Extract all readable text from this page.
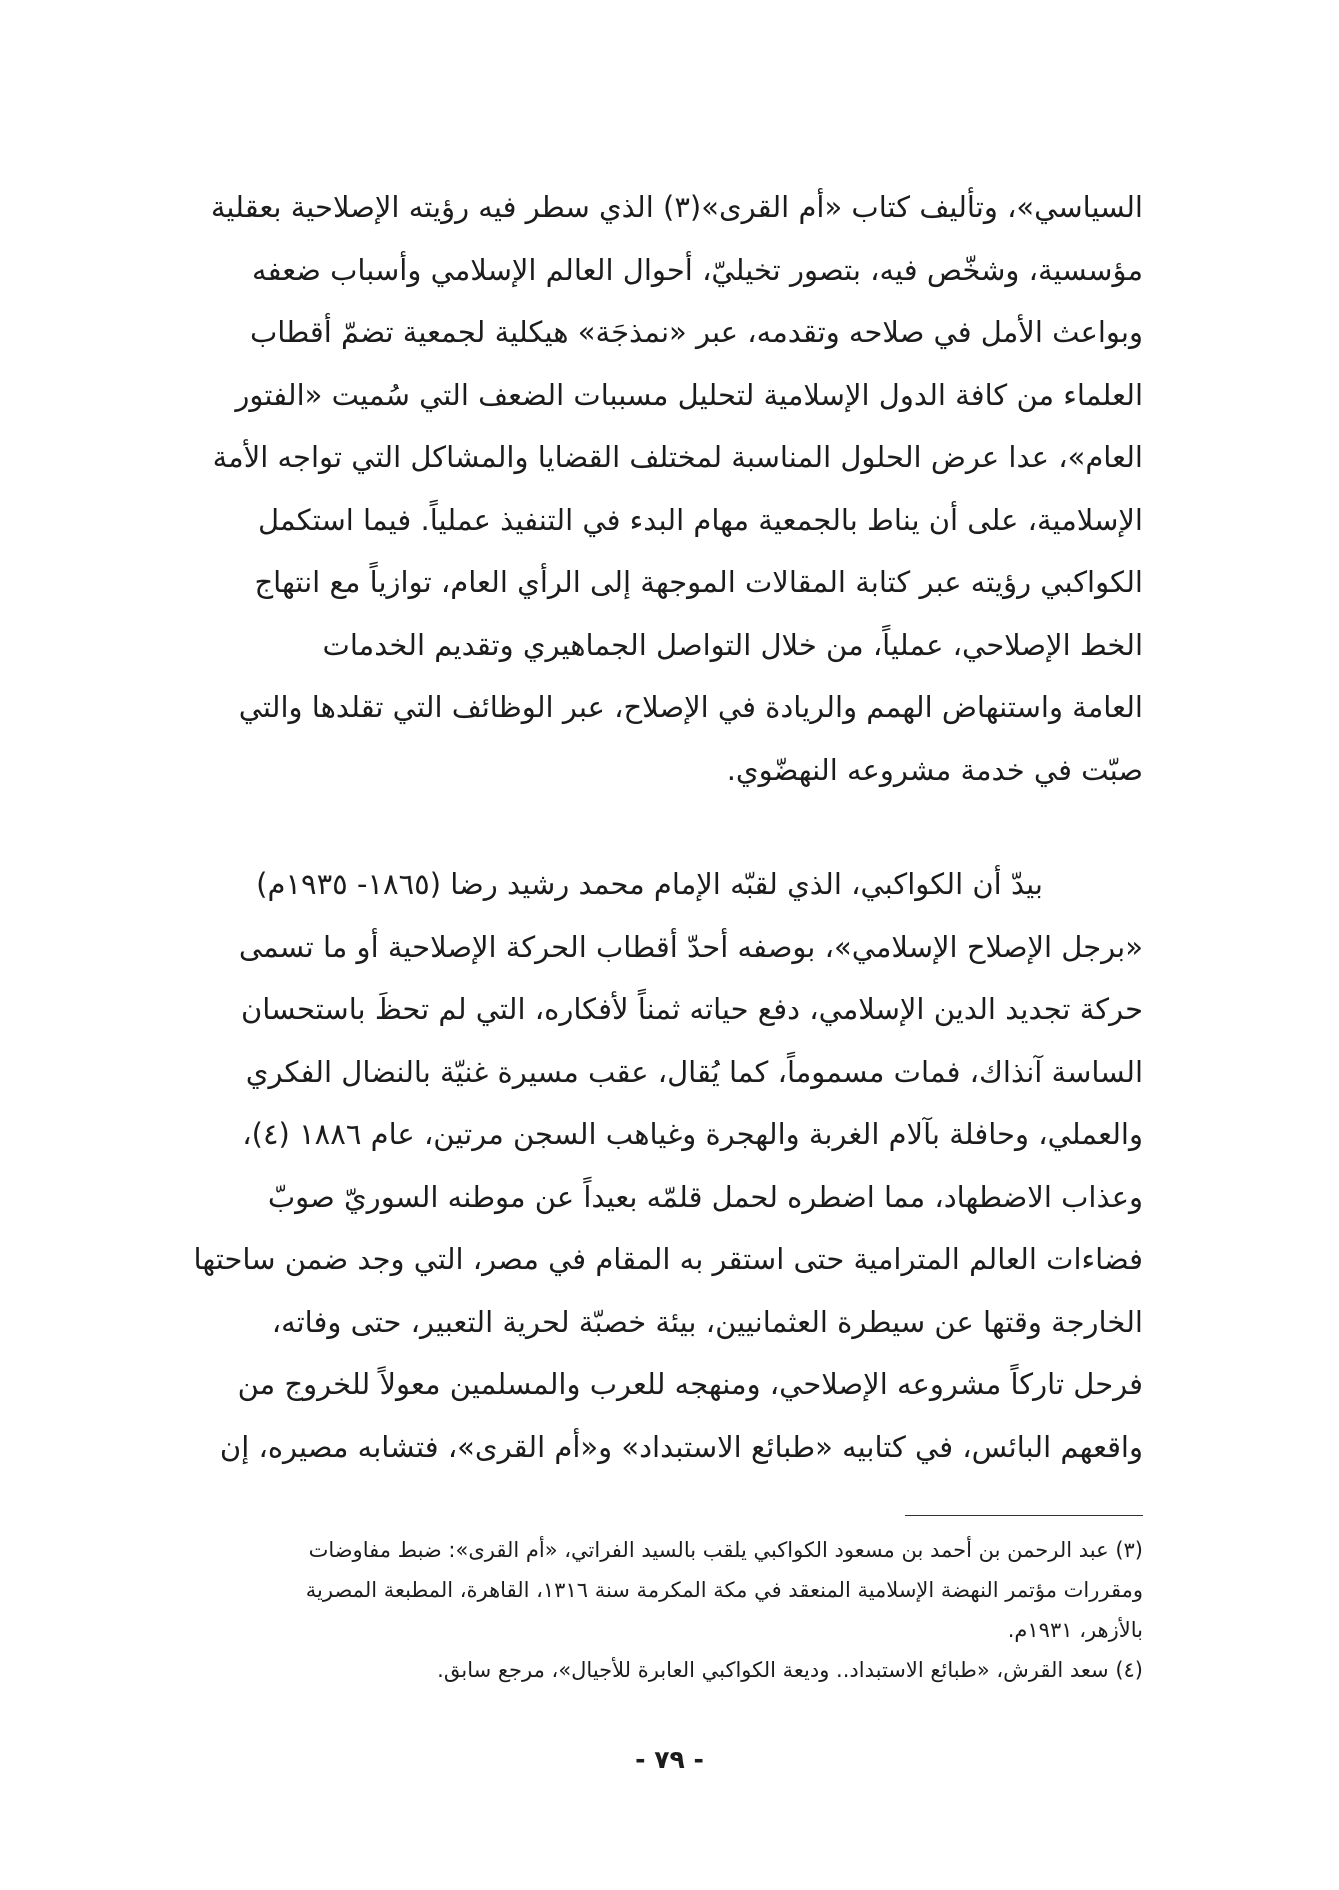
السياسي»، وتأليف كتاب «أم القرى»(٣) الذي سطر فيه رؤيته الإصلاحية بعقلية
مؤسسية، وشخّص فيه، بتصور تخيليّ، أحوال العالم الإسلامي وأسباب ضعفه
وبواعث الأمل في صلاحه وتقدمه، عبر «نمذجَة» هيكلية لجمعية تضمّ أقطاب
العلماء من كافة الدول الإسلامية لتحليل مسببات الضعف التي سُميت «الفتور
العام»، عدا عرض الحلول المناسبة لمختلف القضايا والمشاكل التي تواجه الأمة
الإسلامية، على أن يناط بالجمعية مهام البدء في التنفيذ عملياً. فيما استكمل
الكواكبي رؤيته عبر كتابة المقالات الموجهة إلى الرأي العام، توازياً مع انتهاج
الخط الإصلاحي، عملياً، من خلال التواصل الجماهيري وتقديم الخدمات
العامة واستنهاض الهمم والريادة في الإصلاح، عبر الوظائف التي تقلدها والتي
صبّت في خدمة مشروعه النهضّوي.

بيدّ أن الكواكبي، الذي لقبّه الإمام محمد رشيد رضا (١٨٦٥- ١٩٣٥م)
«برجل الإصلاح الإسلامي»، بوصفه أحدّ أقطاب الحركة الإصلاحية أو ما تسمى
حركة تجديد الدين الإسلامي، دفع حياته ثمناً لأفكاره، التي لم تحظَ باستحسان
الساسة آنذاك، فمات مسموماً، كما يُقال، عقب مسيرة غنيّة بالنضال الفكري
والعملي، وحافلة بآلام الغربة والهجرة وغياهب السجن مرتين، عام ١٨٨٦ (٤)،
وعذاب الاضطهاد، مما اضطره لحمل قلمّه بعيداً عن موطنه السوريّ صوبّ
فضاءات العالم المترامية حتى استقر به المقام في مصر، التي وجد ضمن ساحتها
الخارجة وقتها عن سيطرة العثمانيين، بيئة خصبّة لحرية التعبير، حتى وفاته،
فرحل تاركاً مشروعه الإصلاحي، ومنهجه للعرب والمسلمين معولاً للخروج من
واقعهم البائس، في كتابيه «طبائع الاستبداد» و«أم القرى»، فتشابه مصيره، إن

(٣) عبد الرحمن بن أحمد بن مسعود الكواكبي يلقب بالسيد الفراتي، «أم القرى»: ضبط مفاوضات
ومقررات مؤتمر النهضة الإسلامية المنعقد في مكة المكرمة سنة ١٣١٦، القاهرة، المطبعة المصرية
بالأزهر، ١٩٣١م.

(٤) سعد القرش، «طبائع الاستبداد.. وديعة الكواكبي العابرة للأجيال»، مرجع سابق.

- ٧٩ -
